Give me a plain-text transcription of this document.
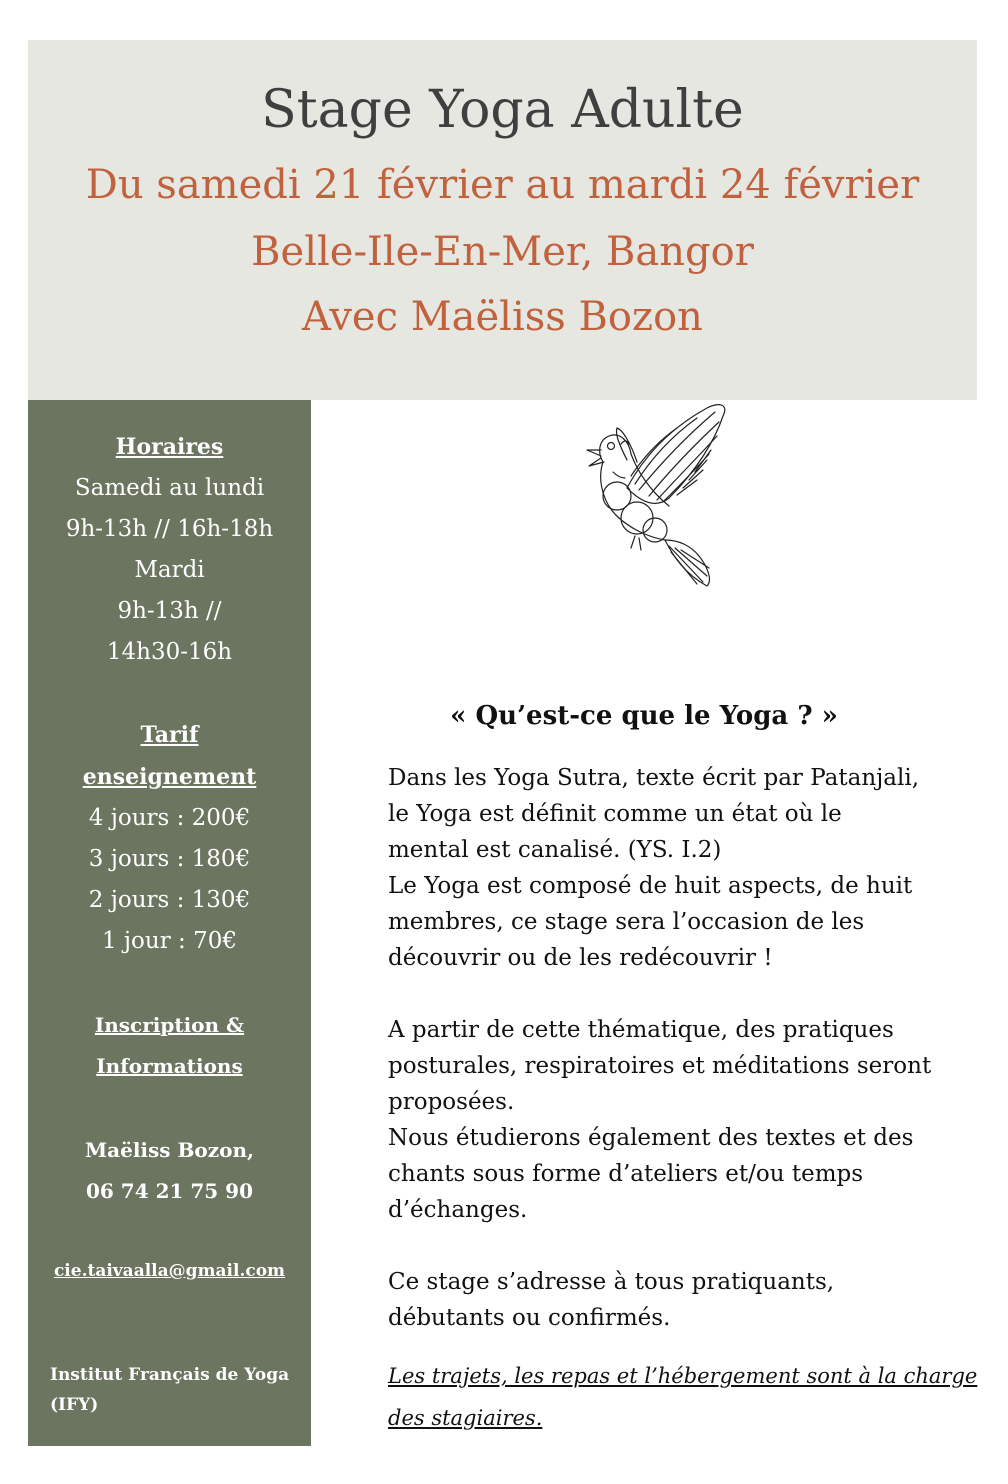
Stage Yoga Adulte
Du samedi 21 février au mardi 24 février
Belle-Ile-En-Mer, Bangor
Avec Maëliss Bozon
Horaires
Samedi au lundi
9h-13h // 16h-18h
Mardi
9h-13h //
14h30-16h
Tarif
enseignement
4 jours : 200€
3 jours : 180€
2 jours : 130€
1 jour : 70€
Inscription &
Informations
Maëliss Bozon,
06 74 21 75 90
cie.taivaalla@gmail.com
Institut Français de Yoga
(IFY)
« Qu’est-ce que le Yoga ? »
Dans les Yoga Sutra, texte écrit par Patanjali,
le Yoga est définit comme un état où le
mental est canalisé. (YS. I.2)
Le Yoga est composé de huit aspects, de huit
membres, ce stage sera l’occasion de les
découvrir ou de les redécouvrir !
A partir de cette thématique, des pratiques
posturales, respiratoires et méditations seront
proposées.
Nous étudierons également des textes et des
chants sous forme d’ateliers et/ou temps
d’échanges.
Ce stage s’adresse à tous pratiquants,
débutants ou confirmés.
Les trajets, les repas et l’hébergement sont à la charge
des stagiaires.
